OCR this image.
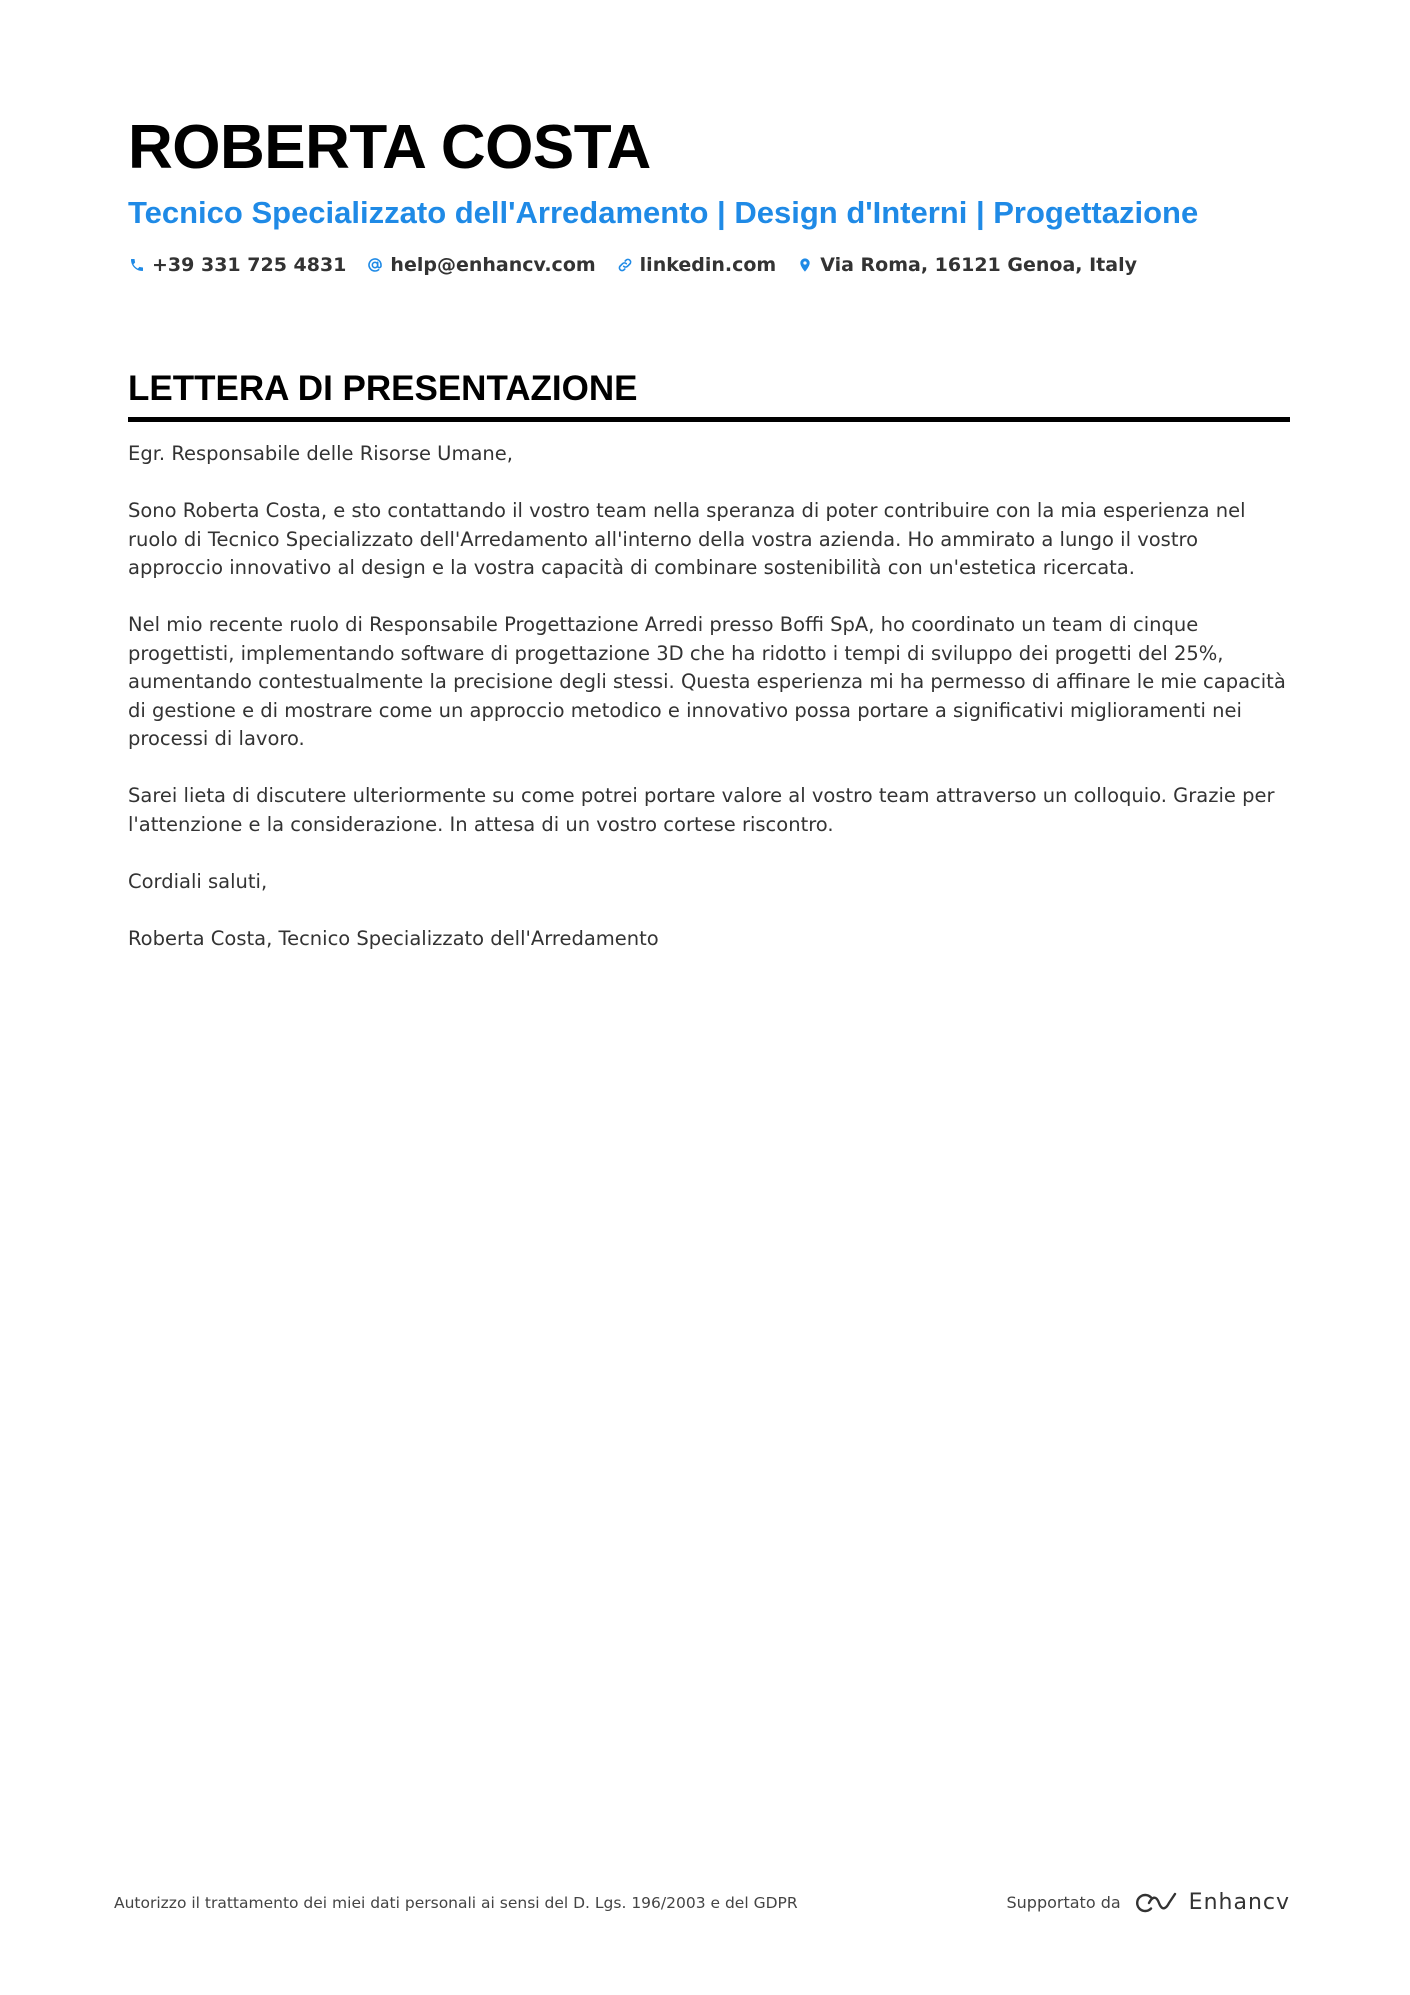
ROBERTA COSTA
Tecnico Specializzato dell'Arredamento | Design d'Interni | Progettazione
+39 331 725 4831 help@enhancv.com linkedin.com Via Roma, 16121 Genoa, Italy
LETTERA DI PRESENTAZIONE

Egr. Responsabile delle Risorse Umane,

Sono Roberta Costa, e sto contattando il vostro team nella speranza di poter contribuire con la mia esperienza nel ruolo di Tecnico Specializzato dell'Arredamento all'interno della vostra azienda. Ho ammirato a lungo il vostro approccio innovativo al design e la vostra capacità di combinare sostenibilità con un'estetica ricercata.

Nel mio recente ruolo di Responsabile Progettazione Arredi presso Boffi SpA, ho coordinato un team di cinque progettisti, implementando software di progettazione 3D che ha ridotto i tempi di sviluppo dei progetti del 25%, aumentando contestualmente la precisione degli stessi. Questa esperienza mi ha permesso di affinare le mie capacità di gestione e di mostrare come un approccio metodico e innovativo possa portare a significativi miglioramenti nei processi di lavoro.

Sarei lieta di discutere ulteriormente su come potrei portare valore al vostro team attraverso un colloquio. Grazie per l'attenzione e la considerazione. In attesa di un vostro cortese riscontro.

Cordiali saluti,

Roberta Costa, Tecnico Specializzato dell'Arredamento

Autorizzo il trattamento dei miei dati personali ai sensi del D. Lgs. 196/2003 e del GDPR	Supportato da	Enhancv
